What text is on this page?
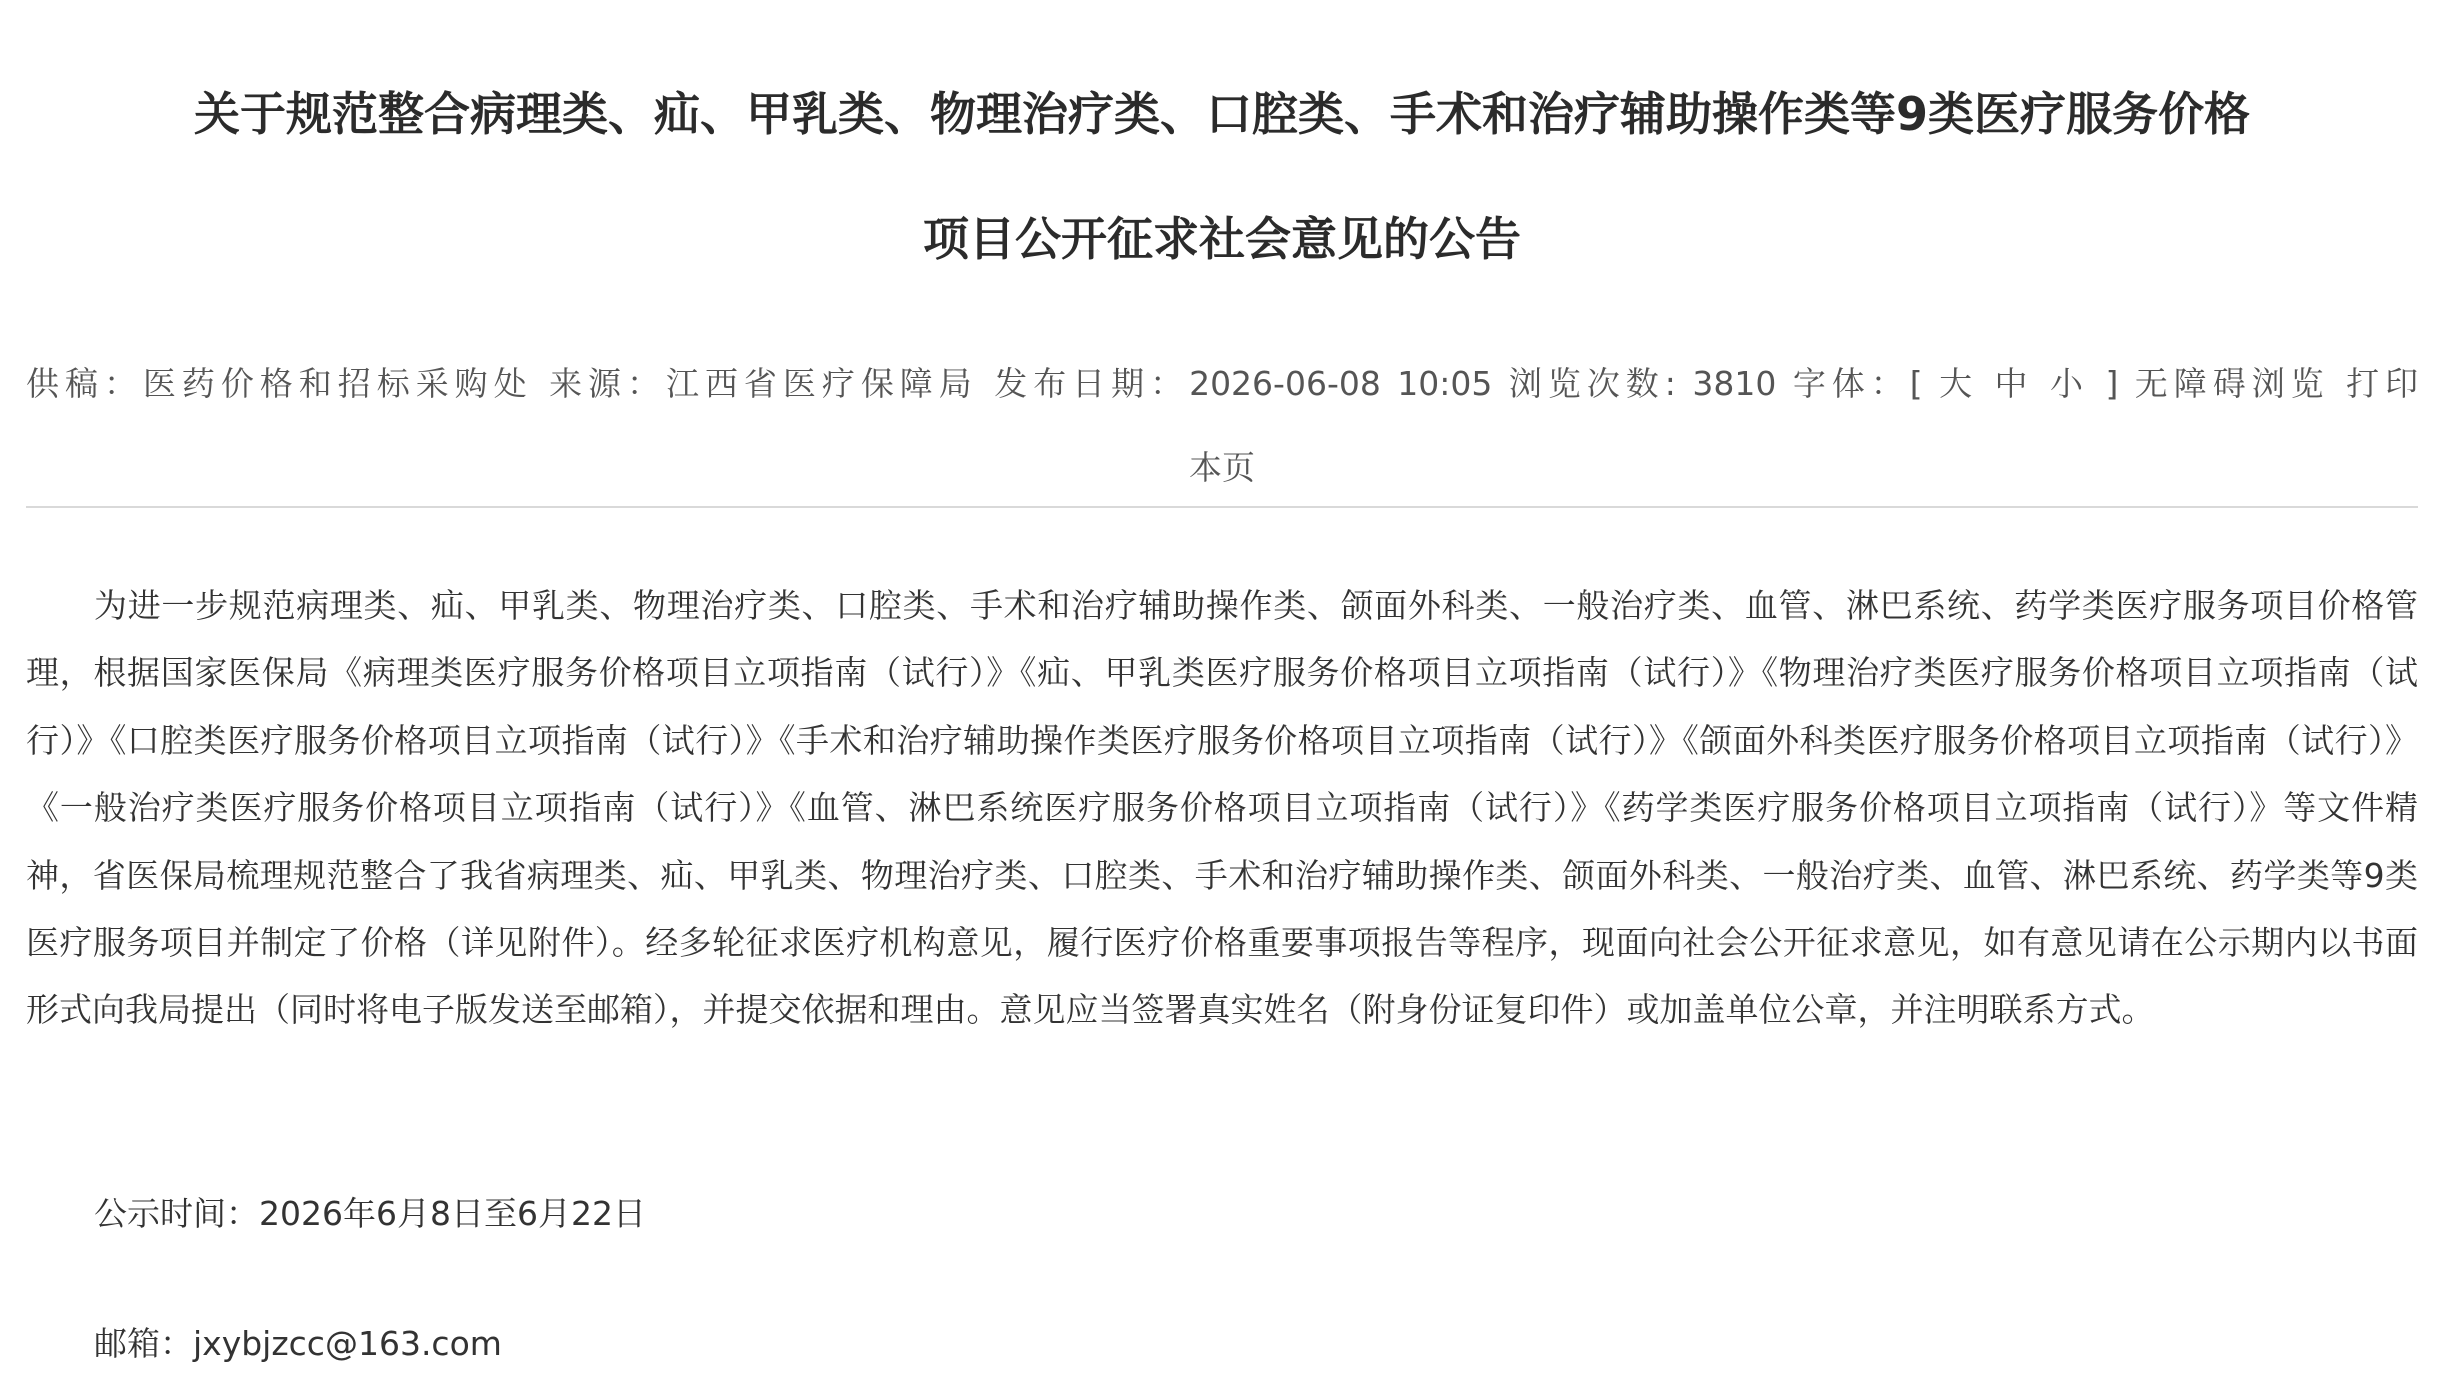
关于规范整合病理类、疝、甲乳类、物理治疗类、口腔类、手术和治疗辅助操作类等9类医疗服务价格
项目公开征求社会意见的公告
供稿：医药价格和招标采购处 来源：江西省医疗保障局 发布日期：2026-06-08 10:05 浏览次数: 3810 字体：[ 大 中 小 ] 无障碍浏览 打印
本页

为进一步规范病理类、疝、甲乳类、物理治疗类、口腔类、手术和治疗辅助操作类、颌面外科类、一般治疗类、血管、淋巴系统、药学类医疗服务项目价格管理，根据国家医保局《病理类医疗服务价格项目立项指南（试行）》《疝、甲乳类医疗服务价格项目立项指南（试行）》《物理治疗类医疗服务价格项目立项指南（试行）》《口腔类医疗服务价格项目立项指南（试行）》《手术和治疗辅助操作类医疗服务价格项目立项指南（试行）》《颌面外科类医疗服务价格项目立项指南（试行）》《一般治疗类医疗服务价格项目立项指南（试行）》《血管、淋巴系统医疗服务价格项目立项指南（试行）》《药学类医疗服务价格项目立项指南（试行）》等文件精神，省医保局梳理规范整合了我省病理类、疝、甲乳类、物理治疗类、口腔类、手术和治疗辅助操作类、颌面外科类、一般治疗类、血管、淋巴系统、药学类等9类医疗服务项目并制定了价格（详见附件）。经多轮征求医疗机构意见，履行医疗价格重要事项报告等程序，现面向社会公开征求意见，如有意见请在公示期内以书面形式向我局提出（同时将电子版发送至邮箱），并提交依据和理由。意见应当签署真实姓名（附身份证复印件）或加盖单位公章，并注明联系方式。

公示时间：2026年6月8日至6月22日
邮箱：jxybjzcc@163.com
